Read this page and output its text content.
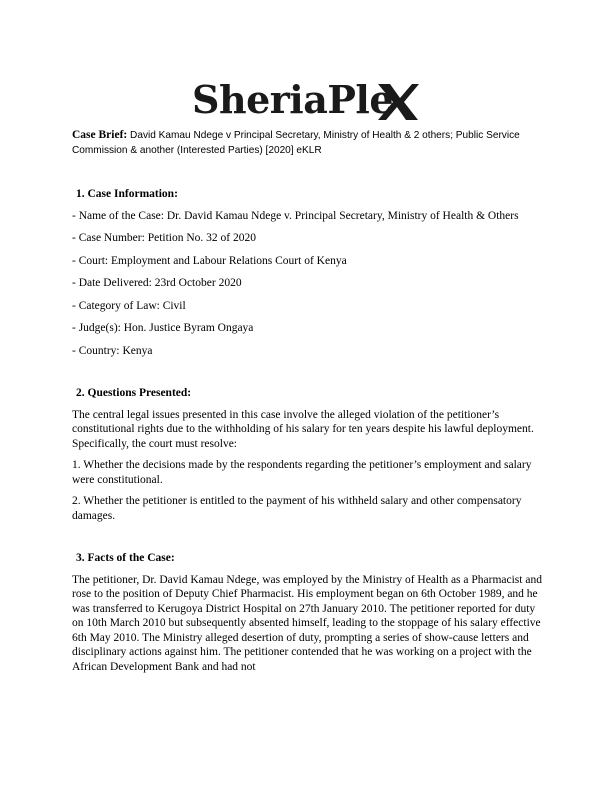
SheriaPle
Case Brief: David Kamau Ndege v Principal Secretary, Ministry of Health & 2 others; Public Service Commission & another (Interested Parties) [2020] eKLR
1. Case Information:
- Name of the Case: Dr. David Kamau Ndege v. Principal Secretary, Ministry of Health & Others
- Case Number: Petition No. 32 of 2020
- Court: Employment and Labour Relations Court of Kenya
- Date Delivered: 23rd October 2020
- Category of Law: Civil
- Judge(s): Hon. Justice Byram Ongaya
- Country: Kenya
2. Questions Presented:
The central legal issues presented in this case involve the alleged violation of the petitioner’s constitutional rights due to the withholding of his salary for ten years despite his lawful deployment. Specifically, the court must resolve:
1. Whether the decisions made by the respondents regarding the petitioner’s employment and salary were constitutional.
2. Whether the petitioner is entitled to the payment of his withheld salary and other compensatory damages.
3. Facts of the Case:
The petitioner, Dr. David Kamau Ndege, was employed by the Ministry of Health as a Pharmacist and rose to the position of Deputy Chief Pharmacist. His employment began on 6th October 1989, and he was transferred to Kerugoya District Hospital on 27th January 2010. The petitioner reported for duty on 10th March 2010 but subsequently absented himself, leading to the stoppage of his salary effective 6th May 2010. The Ministry alleged desertion of duty, prompting a series of show-cause letters and disciplinary actions against him. The petitioner contended that he was working on a project with the African Development Bank and had not
